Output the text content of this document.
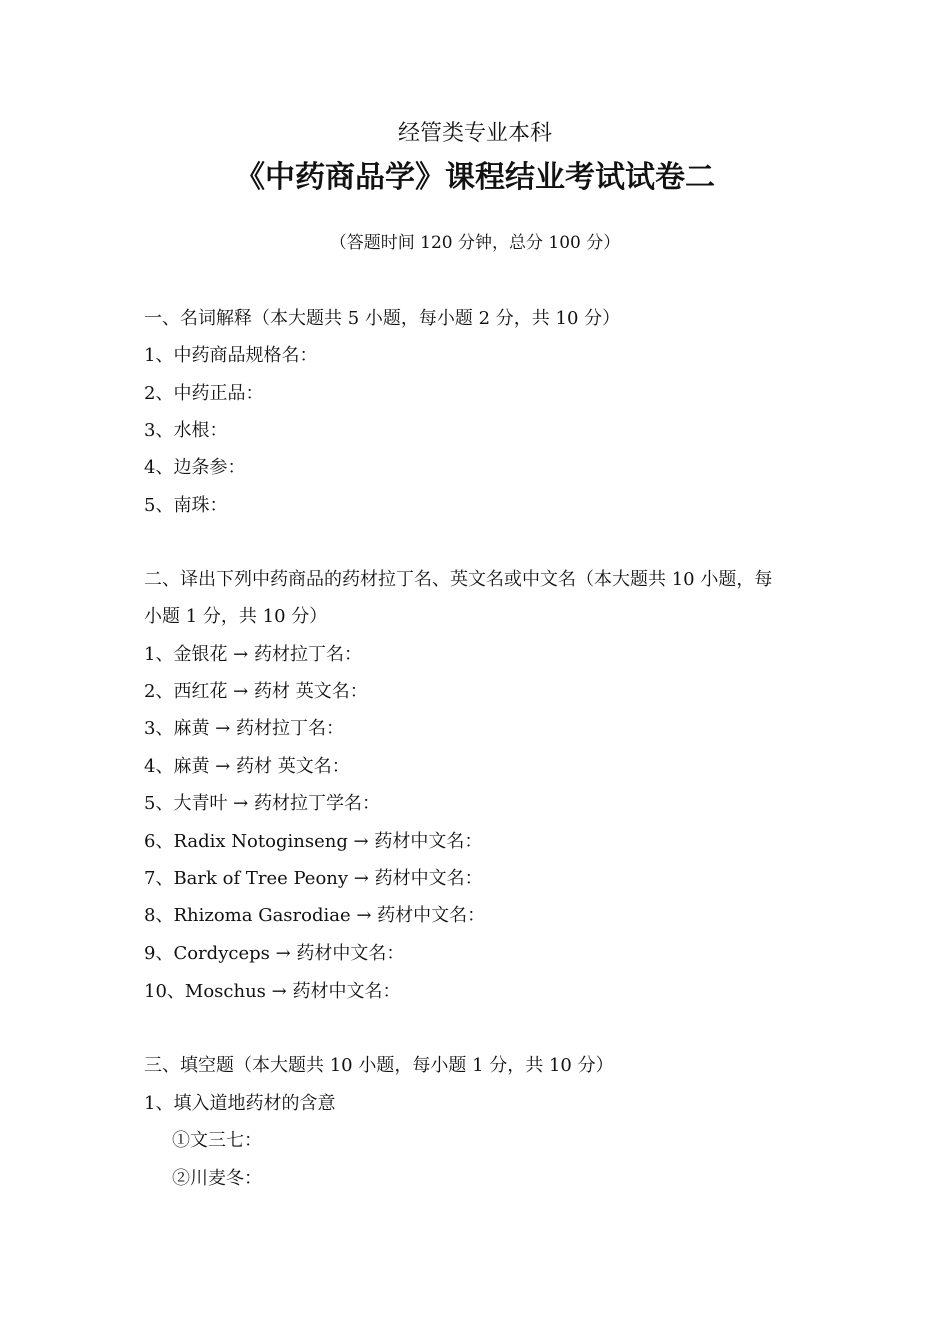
经管类专业本科
《中药商品学》课程结业考试试卷二
（答题时间 120 分钟，总分 100 分）
一、名词解释（本大题共 5 小题，每小题 2 分，共 10 分）
1、中药商品规格名：
2、中药正品：
3、水根：
4、边条参：
5、南珠：
二、译出下列中药商品的药材拉丁名、英文名或中文名（本大题共 10 小题，每
小题 1 分，共 10 分）
1、金银花 → 药材拉丁名：
2、西红花 → 药材 英文名：
3、麻黄 → 药材拉丁名：
4、麻黄 → 药材 英文名：
5、大青叶 → 药材拉丁学名：
6、Radix Notoginseng → 药材中文名：
7、Bark of Tree Peony → 药材中文名：
8、Rhizoma Gasrodiae → 药材中文名：
9、Cordyceps → 药材中文名：
10、Moschus → 药材中文名：
三、填空题（本大题共 10 小题，每小题 1 分，共 10 分）
1、填入道地药材的含意
①文三七：
②川麦冬：
